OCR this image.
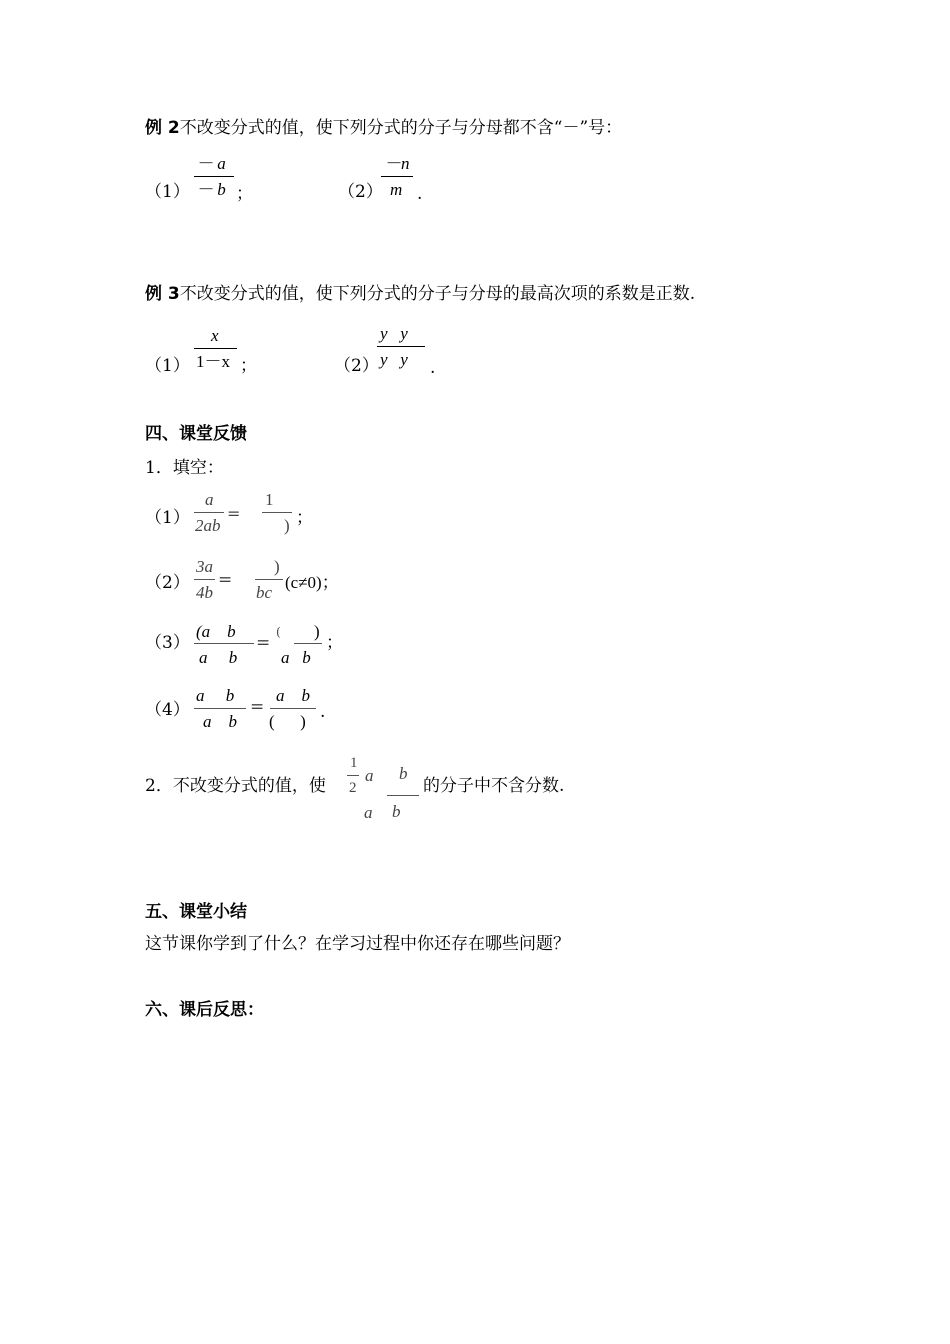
例 2不改变分式的值，使下列分式的分子与分母都不含“－”号：
（1）
－ a
－ b ；	（2）
－n
m .
例 3不改变分式的值，使下列分式的分子与分母的最高次项的系数是正数.
（1）
x
1－x ；	（2）
y   y
y   y .
四、课堂反馈
1．填空：
（1）
a
2ab
=
1
) ；
（2）
3a
4b
=
)
bc
(c≠0)；
（3）
(a    b
a     b
=
( )
a   b
；
（4）
a     b
a    b
=
a    b
(      ) .
2．不改变分式的值，使
1
2
a b
a b
的分子中不含分数.
五、课堂小结
这节课你学到了什么？在学习过程中你还存在哪些问题？
六、课后反思：
